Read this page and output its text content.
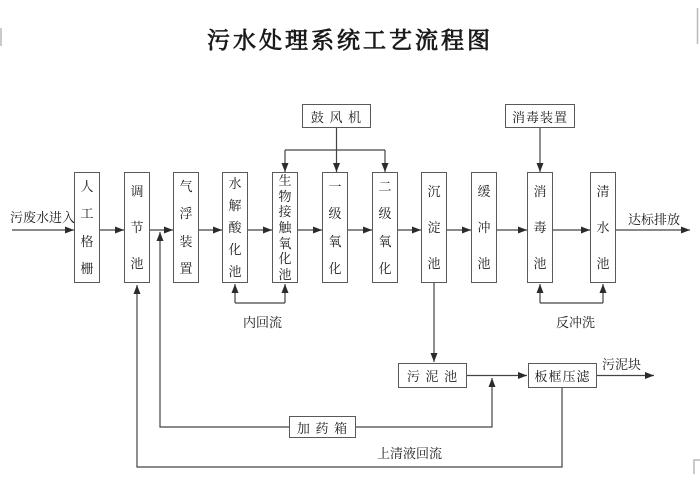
污水处理系统工艺流程图
人
工
格
栅
调
节
池
气
浮
装
置
水
解
酸
化
池
生
物
接
触
氧
化
池
一
级
氧
化
二
级
氧
化
沉
淀
池
缓
冲
池
消
毒
池
清
水
池
鼓 风 机	消毒装置
污 泥 池	板框压滤
加 药 箱
污废水进入	达标排放
内回流	反冲洗
污泥块
上清液回流
